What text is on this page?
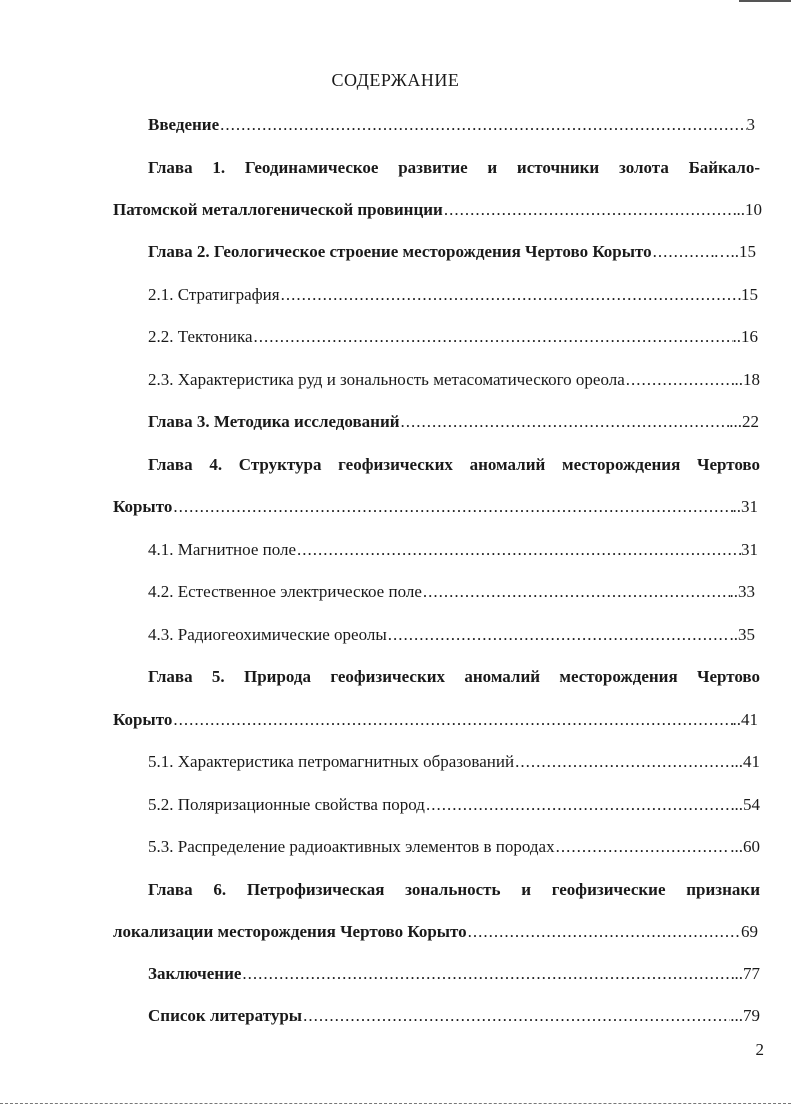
СОДЕРЖАНИЕ
Введение .....	3
Глава 1. Геодинамическое развитие и источники золота Байкало-
Патомской металлогенической провинции .....	..10
Глава 2. Геологическое строение месторождения Чертово Корыто .....	…..15
2.1. Стратиграфия .....	15
2.2. Тектоника .....	..16
2.3. Характеристика руд и зональность метасоматического ореола .....	..18
Глава 3. Методика исследований .....	...22
Глава 4. Структура геофизических аномалий месторождения Чертово
Корыто .....	..31
4.1. Магнитное поле .....	31
4.2. Естественное электрическое поле .....	..33
4.3. Радиогеохимические ореолы .....	..35
Глава 5. Природа геофизических аномалий месторождения Чертово
Корыто .....	..41
5.1. Характеристика петромагнитных образований .....	..41
5.2. Поляризационные свойства пород .....	..54
5.3. Распределение радиоактивных элементов в породах .....	...60
Глава 6. Петрофизическая зональность и геофизические признаки
локализации месторождения Чертово Корыто .....	69
Заключение .....	..77
Список литературы .....	...79
2
